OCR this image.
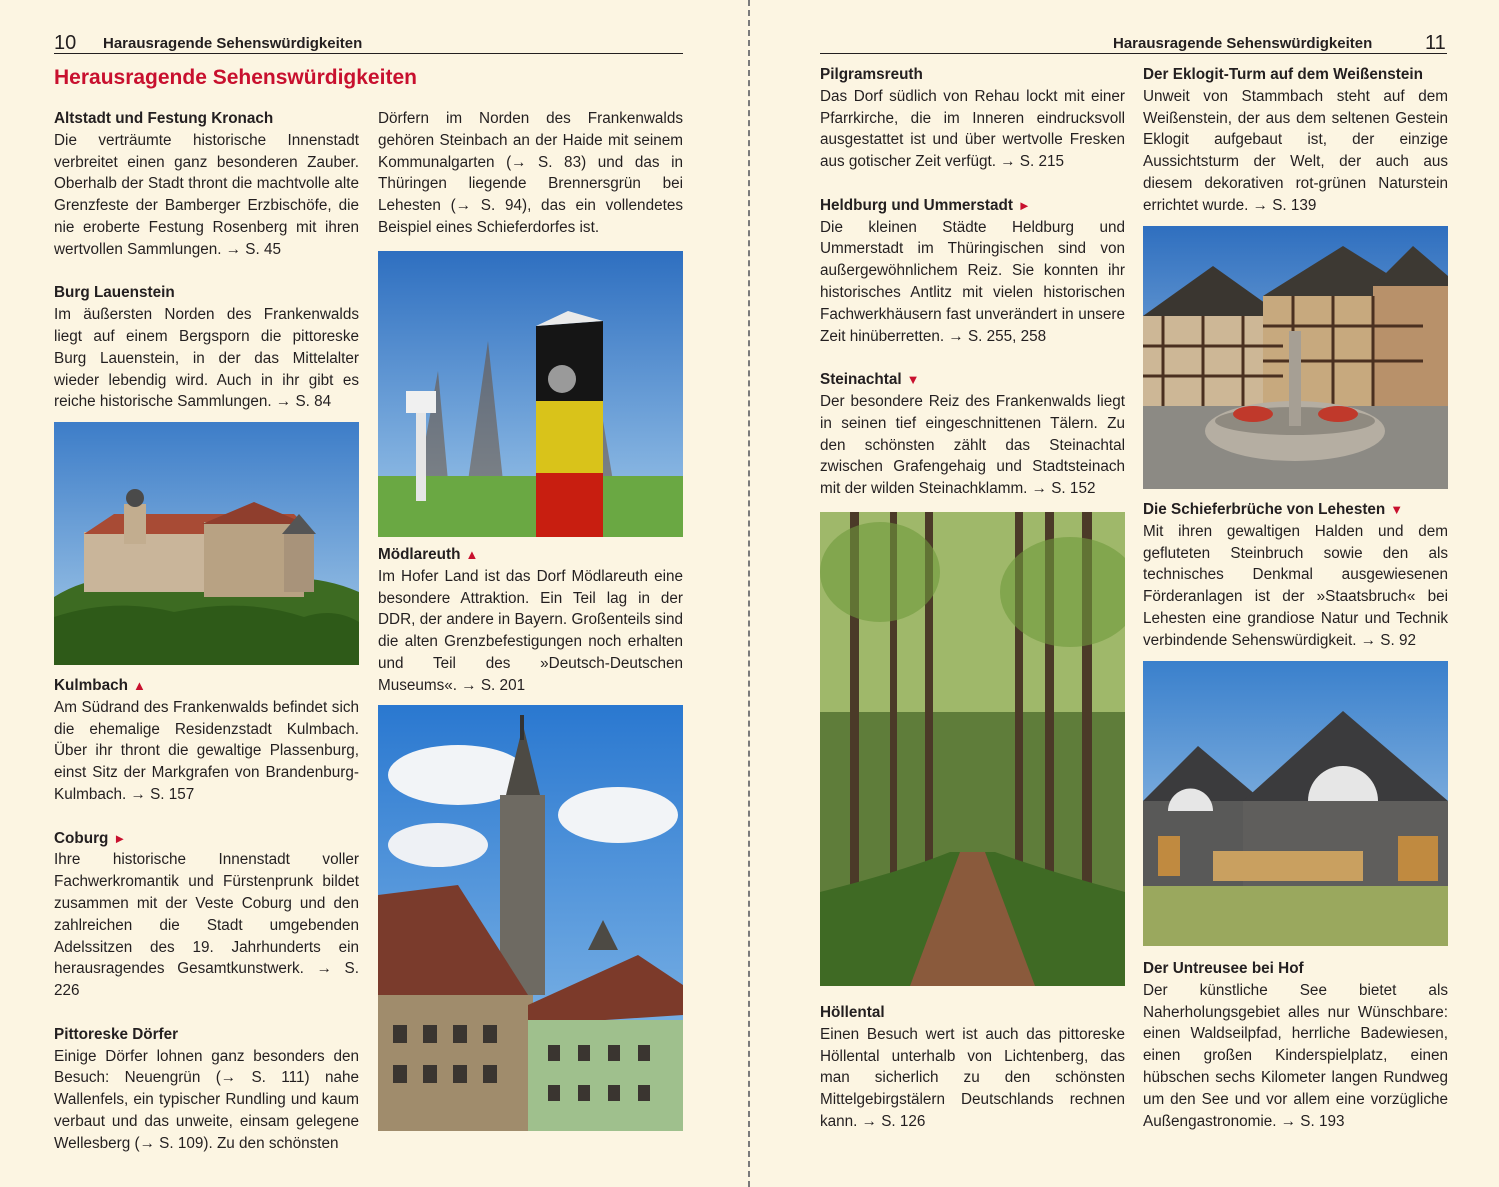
10 Harausragende Sehenswürdigkeiten
Herausragende Sehenswürdigkeiten
Harausragende Sehenswürdigkeiten	11
Altstadt und Festung Kronach
Die verträumte historische Innenstadt verbreitet einen ganz besonderen Zauber. Oberhalb der Stadt thront die machtvolle alte Grenzfeste der Bamberger Erzbischöfe, die nie eroberte Festung Rosenberg mit ihren wertvollen Sammlungen. → S. 45
Burg Lauenstein
Im äußersten Norden des Frankenwalds liegt auf einem Bergsporn die pittoreske Burg Lauenstein, in der das Mittelalter wieder lebendig wird. Auch in ihr gibt es reiche historische Sammlungen. → S. 84
Kulmbach ▲
Am Südrand des Frankenwalds befindet sich die ehemalige Residenzstadt Kulmbach. Über ihr thront die gewaltige Plassenburg, einst Sitz der Markgrafen von Brandenburg-Kulmbach. → S. 157
Coburg ►
Ihre historische Innenstadt voller Fachwerkromantik und Fürstenprunk bildet zusammen mit der Veste Coburg und den zahlreichen die Stadt umgebenden Adelssitzen des 19. Jahrhunderts ein herausragendes Gesamtkunstwerk. → S. 226
Pittoreske Dörfer
Einige Dörfer lohnen ganz besonders den Besuch: Neuengrün (→ S. 111) nahe Wallenfels, ein typischer Rundling und kaum verbaut und das unweite, einsam gelegene Wellesberg (→ S. 109). Zu den schönsten
Dörfern im Norden des Frankenwalds gehören Steinbach an der Haide mit seinem Kommunalgarten (→ S. 83) und das in Thüringen liegende Brennersgrün bei Lehesten (→ S. 94), das ein vollendetes Beispiel eines Schieferdorfes ist.
Mödlareuth ▲
Im Hofer Land ist das Dorf Mödlareuth eine besondere Attraktion. Ein Teil lag in der DDR, der andere in Bayern. Großenteils sind die alten Grenzbefestigungen noch erhalten und Teil des »Deutsch-Deutschen Museums«. → S. 201
Pilgramsreuth
Das Dorf südlich von Rehau lockt mit einer Pfarrkirche, die im Inneren eindrucksvoll ausgestattet ist und über wertvolle Fresken aus gotischer Zeit verfügt. → S. 215
Heldburg und Ummerstadt ►
Die kleinen Städte Heldburg und Ummerstadt im Thüringischen sind von außergewöhnlichem Reiz. Sie konnten ihr historisches Antlitz mit vielen historischen Fachwerkhäusern fast unverändert in unsere Zeit hinüberretten. → S. 255, 258
Steinachtal ▼
Der besondere Reiz des Frankenwalds liegt in seinen tief eingeschnittenen Tälern. Zu den schönsten zählt das Steinachtal zwischen Grafengehaig und Stadtsteinach mit der wilden Steinachklamm. → S. 152
Höllental
Einen Besuch wert ist auch das pittoreske Höllental unterhalb von Lichtenberg, das man sicherlich zu den schönsten Mittelgebirgstälern Deutschlands rechnen kann. → S. 126
Der Eklogit-Turm auf dem Weißenstein
Unweit von Stammbach steht auf dem Weißenstein, der aus dem seltenen Gestein Eklogit aufgebaut ist, der einzige Aussichtsturm der Welt, der auch aus diesem dekorativen rot-grünen Naturstein errichtet wurde. → S. 139
Die Schieferbrüche von Lehesten ▼
Mit ihren gewaltigen Halden und dem gefluteten Steinbruch sowie den als technisches Denkmal ausgewiesenen Förderanlagen ist der »Staatsbruch« bei Lehesten eine grandiose Natur und Technik verbindende Sehenswürdigkeit. → S. 92
Der Untreusee bei Hof
Der künstliche See bietet als Naherholungsgebiet alles nur Wünschbare: einen Waldseilpfad, herrliche Badewiesen, einen großen Kinderspielplatz, einen hübschen sechs Kilometer langen Rundweg um den See und vor allem eine vorzügliche Außengastronomie. → S. 193
